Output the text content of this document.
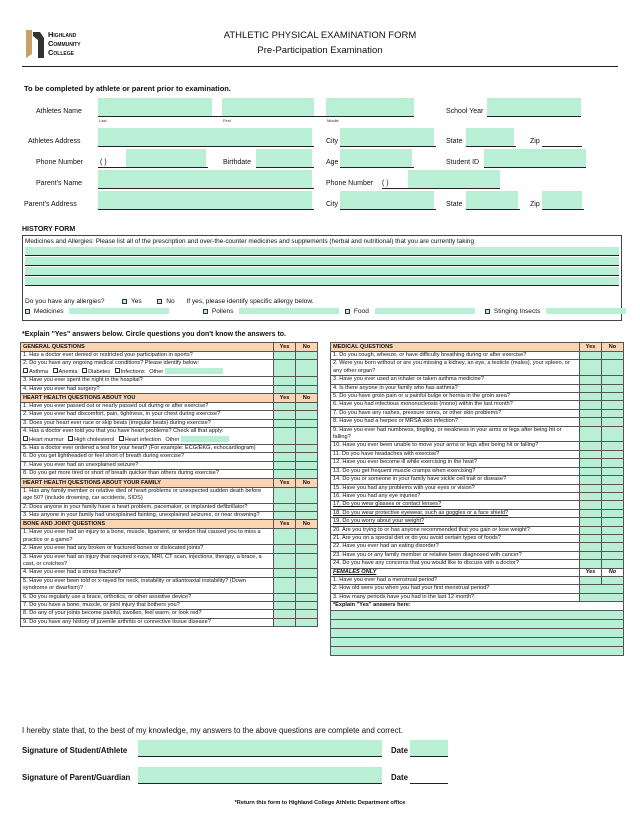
Highland
Community
College
ATHLETIC PHYSICAL EXAMINATION FORM
Pre-Participation Examination
To be completed by athlete or parent prior to examination.
Athletes Name
Last	First	Middle
School Year
Athletes Address	City	State	Zip
Phone Number ( )	Birthdate	Age	Student ID
Parent's Name	Phone Number ( )
Parent's Address	City	State	Zip
HISTORY FORM
Medicines and Allergies: Please list all of the prescription and over-the-counter medicines and supplements (herbal and nutritional) that you are currently taking
Do you have any allergies?	Yes	No If yes, please identify specific allergy below.
Medicines	Pollens	Food	Stinging Insects
*Explain "Yes" answers below. Circle questions you don't know the answers to.
GENERAL QUESTIONS	Yes	No
1. Has a doctor ever denied or restricted your participation in sports?		

2. Do you have any ongoing medical conditions? Please identify below:
Asthma Anemia Diabetes Infections Other		

3. Have you ever spent the night in the hospital?		
4. Have you ever had surgery?		
HEART HEALTH QUESTIONS ABOUT YOU	Yes	No
1. Have you ever passed out or nearly passed out during or after exercise?		
2. Have you ever had discomfort, pain, tightness, in your chest during exercise?		
3. Does your heart ever race or skip beats (irregular beats) during exercise?		

4. Has a doctor ever told you that you have heart problems? Check all that apply:
Heart murmur High cholesterol Heart infection Other		

5. Has a doctor ever ordered a test for your heart? (For example: ECG/EKG, echocardiogram)		
6. Do you get lightheaded or feel short of breath during exercise?		
7. Have you ever had an unexplained seizure?		
8. Do you get more tired or short of breath quicker than others during exercise?		
HEART HEALTH QUESTIONS ABOUT YOUR FAMILY	Yes	No
1. Has any family member or relative died of heart problems or unexpected sudden death before age 50? (include drowning, car accidents, SIDS)		
2. Does anyone in your family have a heart problem, pacemaker, or implanted defibrillator?		
3. Has anyone in your family had unexplained fainting, unexplained seizures, or near drowning?		
BONE AND JOINT QUESTIONS	Yes	No
1. Have you ever had an injury to a bone, muscle, ligament, or tendon that caused you to miss a practice or a game?		
2. Have you ever had any broken or fractured bones or dislocated joints?		
3. Have you ever had an injury that required x-rays, MRI, CT scan, injections, therapy, a brace, a cast, or crutches?		
4. Have you ever had a stress fracture?		
5. Have you ever been told or x-rayed for neck, instability or atlantoaxial instability? (Down syndrome or dwarfism)?		
6. Do you regularly use a brace, orthotics, or other assistive device?		
7. Do you have a bone, muscle, or joint injury that bothers you?		
8. Do any of your joints become painful, swollen, feel warm, or look red?		
9. Do you have any history of juvenile arthritis or connective tissue disease?		
MEDICAL QUESTIONS	Yes	No
1. Do you cough, wheeze, or have difficulty breathing during or after exercise?		
2. Were you born without or are you missing a kidney, an eye, a testicle (males), your spleen, or any other organ?		
3. Have you ever used an inhaler or taken asthma medicine?		
4. Is there anyone in your family who has asthma?		
5. Do you have groin pain or a painful bulge or hernia in the groin area?		
6. Have you had infectious mononucleosis (mono) within the last month?		
7. Do you have any rashes, pressure sores, or other skin problems?		
8. Have you had a herpes or MRSA skin infection?		
9. Have you ever had numbness, tingling, or weakness in your arms or legs after being hit or falling?		
10. Have you ever been unable to move your arms or legs after being hit or falling?		
11. Do you have headaches with exercise?		
12. Have you ever become ill while exercising in the heat?		
13. Do you get frequent muscle cramps when exercising?		
14. Do you or someone in your family have sickle cell trait or disease?		
15. Have you had any problems with your eyes or vision?		
16. Have you had any eye injuries?		
17. Do you wear glasses or contact lenses?		
18. Do you wear protective eyewear, such as goggles or a face shield?		
19. Do you worry about your weight?		
20. Are you trying to or has anyone recommended that you gain or lose weight?		
21. Are you on a special diet or do you avoid certain types of foods?		
22. Have you ever had an eating disorder?		
23. Have you or any family member or relative been diagnosed with cancer?		
24. Do you have any concerns that you would like to discuss with a doctor?		
FEMALES ONLY	Yes	No
1. Have you ever had a menstrual period?		
2. How old were you when you had your first menstrual period?		
3. How many periods have you had in the last 12 month?		
*Explain "Yes" answers here:		

I hereby state that, to the best of my knowledge, my answers to the above questions are complete and correct.
Signature of Student/Athlete	Date
Signature of Parent/Guardian	Date
*Return this form to Highland College Athletic Department office
